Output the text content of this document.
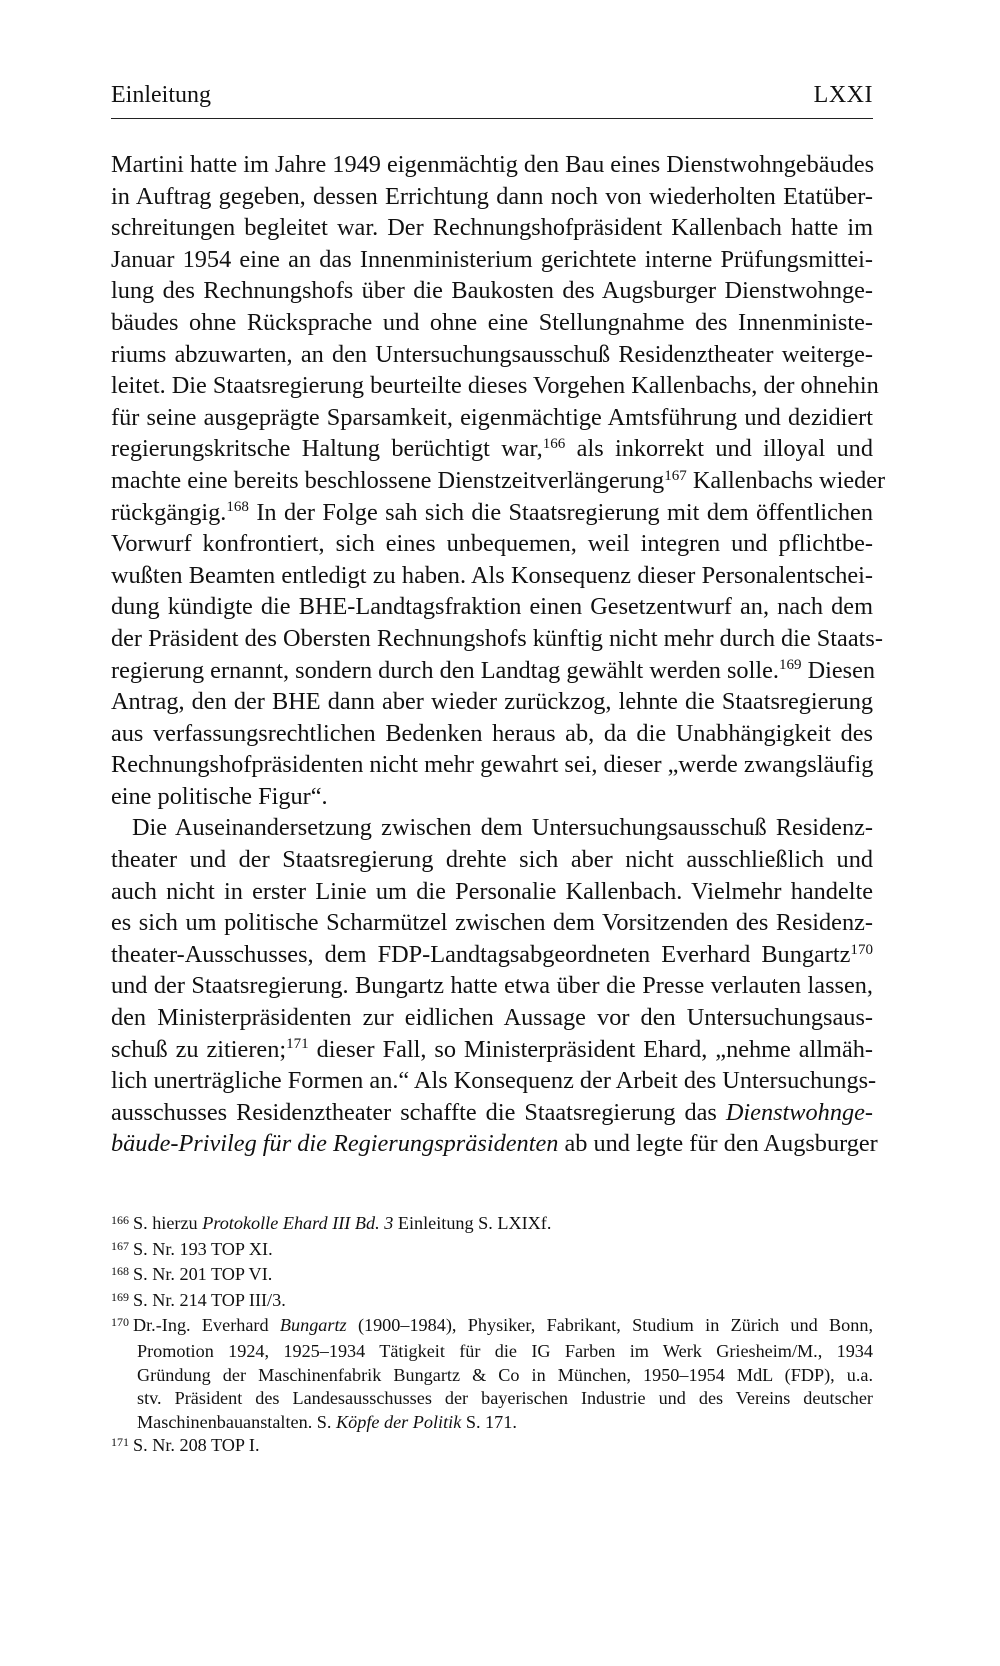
Einleitung	LXXI
Martini hatte im Jahre 1949 eigenmächtig den Bau eines Dienstwohngebäudes
in Auftrag gegeben, dessen Errichtung dann noch von wiederholten Etatüber-
schreitungen begleitet war. Der Rechnungshofpräsident Kallenbach hatte im
Januar 1954 eine an das Innenministerium gerichtete interne Prüfungsmittei-
lung des Rechnungshofs über die Baukosten des Augsburger Dienstwohnge-
bäudes ohne Rücksprache und ohne eine Stellungnahme des Innenministe-
riums abzuwarten, an den Untersuchungsausschuß Residenztheater weiterge-
leitet. Die Staatsregierung beurteilte dieses Vorgehen Kallenbachs, der ohnehin
für seine ausgeprägte Sparsamkeit, eigenmächtige Amtsführung und dezidiert
regierungskritsche Haltung berüchtigt war,$^{166}$ als inkorrekt und illoyal und
machte eine bereits beschlossene Dienstzeitverlängerung$^{167}$ Kallenbachs wieder
rückgängig.$^{168}$ In der Folge sah sich die Staatsregierung mit dem öffentlichen
Vorwurf konfrontiert, sich eines unbequemen, weil integren und pflichtbe-
wußten Beamten entledigt zu haben. Als Konsequenz dieser Personalentschei-
dung kündigte die BHE-Landtagsfraktion einen Gesetzentwurf an, nach dem
der Präsident des Obersten Rechnungshofs künftig nicht mehr durch die Staats-
regierung ernannt, sondern durch den Landtag gewählt werden solle.$^{169}$ Diesen
Antrag, den der BHE dann aber wieder zurückzog, lehnte die Staatsregierung
aus verfassungsrechtlichen Bedenken heraus ab, da die Unabhängigkeit des
Rechnungshofpräsidenten nicht mehr gewahrt sei, dieser „werde zwangsläufig
eine politische Figur“.
Die Auseinandersetzung zwischen dem Untersuchungsausschuß Residenz-
theater und der Staatsregierung drehte sich aber nicht ausschließlich und
auch nicht in erster Linie um die Personalie Kallenbach. Vielmehr handelte
es sich um politische Scharmützel zwischen dem Vorsitzenden des Residenz-
theater-Ausschusses, dem FDP-Landtagsabgeordneten Everhard Bungartz$^{170}$
und der Staatsregierung. Bungartz hatte etwa über die Presse verlauten lassen,
den Ministerpräsidenten zur eidlichen Aussage vor den Untersuchungsaus-
schuß zu zitieren;$^{171}$ dieser Fall, so Ministerpräsident Ehard, „nehme allmäh-
lich unerträgliche Formen an.“ Als Konsequenz der Arbeit des Untersuchungs-
ausschusses Residenztheater schaffte die Staatsregierung das Dienstwohnge-
bäude-Privileg für die Regierungspräsidenten ab und legte für den Augsburger
$^{166}$ S. hierzu Protokolle Ehard III Bd. 3 Einleitung S. LXIXf.
$^{167}$ S. Nr. 193 TOP XI.
$^{168}$ S. Nr. 201 TOP VI.
$^{169}$ S. Nr. 214 TOP III/3.
$^{170}$ Dr.-Ing. Everhard Bungartz (1900–1984), Physiker, Fabrikant, Studium in Zürich und Bonn,
Promotion 1924, 1925–1934 Tätigkeit für die IG Farben im Werk Griesheim/M., 1934
Gründung der Maschinenfabrik Bungartz & Co in München, 1950–1954 MdL (FDP), u.a.
stv. Präsident des Landesausschusses der bayerischen Industrie und des Vereins deutscher
Maschinenbauanstalten. S. Köpfe der Politik S. 171.
$^{171}$ S. Nr. 208 TOP I.
